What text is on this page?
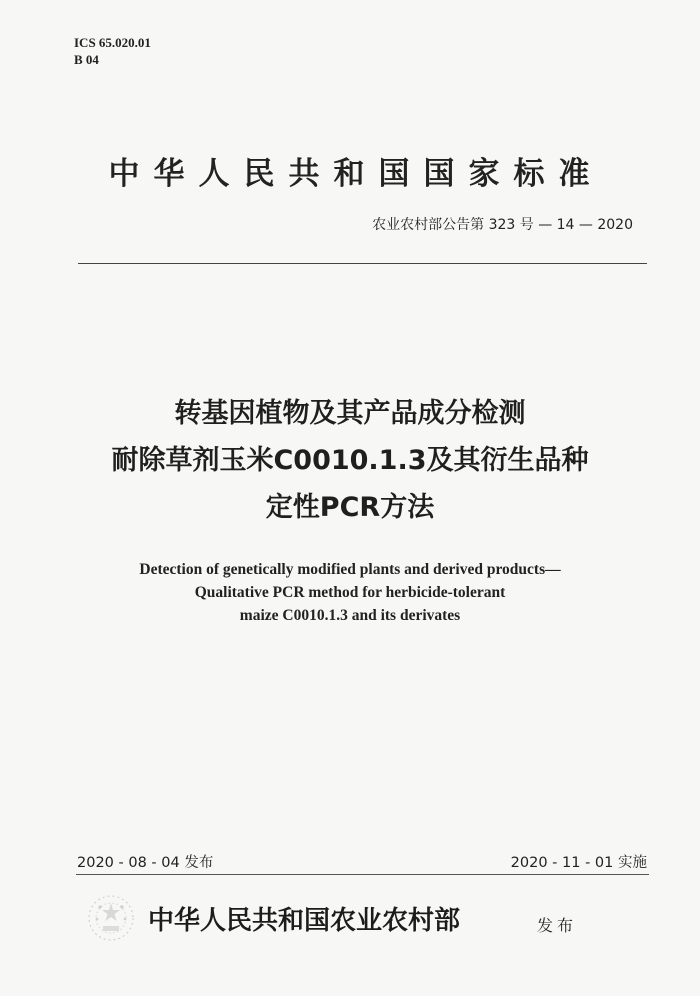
ICS 65.020.01
B 04
中华人民共和国国家标准
农业农村部公告第 323 号 — 14 — 2020
转基因植物及其产品成分检测
耐除草剂玉米C0010.1.3及其衍生品种
定性PCR方法
Detection of genetically modified plants and derived products—
Qualitative PCR method for herbicide-tolerant
maize C0010.1.3 and its derivates
2020 - 08 - 04 发布	2020 - 11 - 01 实施
中华人民共和国农业农村部	发布
